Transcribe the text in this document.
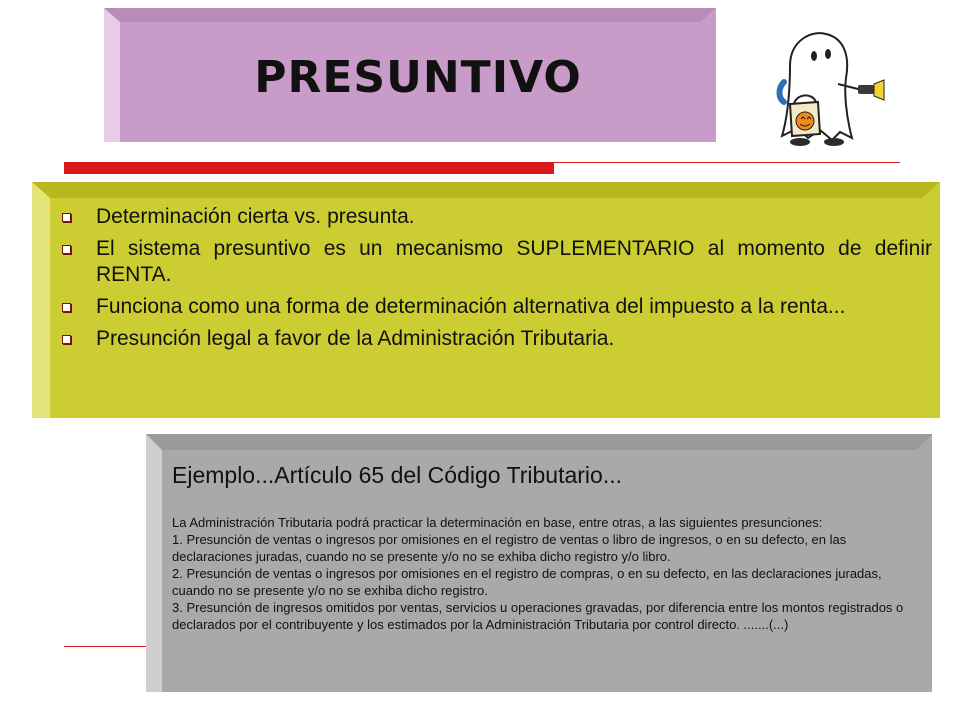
PRESUNTIVO
Determinación cierta vs. presunta.
El sistema presuntivo es un mecanismo SUPLEMENTARIO al momento de definir RENTA.
Funciona como una forma de determinación alternativa del impuesto a la renta...
Presunción legal a favor de la Administración Tributaria.
Ejemplo...Artículo 65 del Código Tributario...

La Administración Tributaria podrá practicar la determinación en base, entre otras, a las siguientes presunciones:

1. Presunción de ventas o ingresos por omisiones en el registro de ventas o libro de ingresos, o en su defecto, en las declaraciones juradas, cuando no se presente y/o no se exhiba dicho registro y/o libro.

2. Presunción de ventas o ingresos por omisiones en el registro de compras, o en su defecto, en las declaraciones juradas, cuando no se presente y/o no se exhiba dicho registro.

3. Presunción de ingresos omitidos por ventas, servicios u operaciones gravadas, por diferencia entre los montos registrados o declarados por el contribuyente y los estimados por la Administración Tributaria por control directo. .......(...)
